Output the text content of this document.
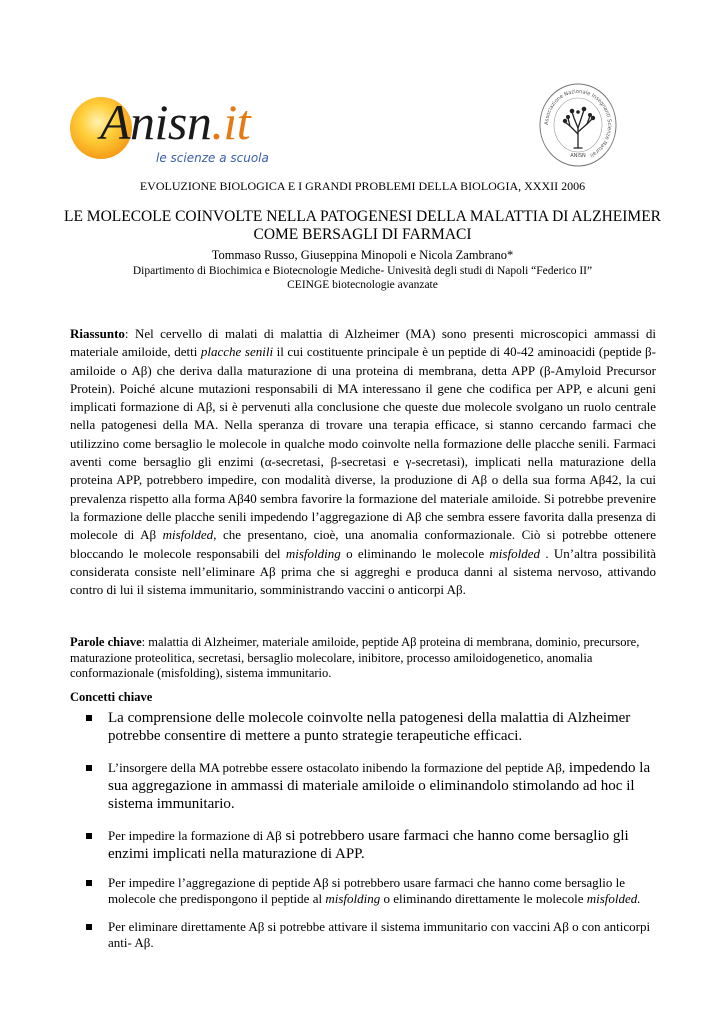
Anisn.it
le scienze a scuola
Associazione Nazionale Insegnanti Scienze Naturali
ANISN
EVOLUZIONE BIOLOGICA E I GRANDI PROBLEMI DELLA BIOLOGIA, XXXII 2006
LE MOLECOLE COINVOLTE NELLA PATOGENESI DELLA MALATTIA DI ALZHEIMER
COME BERSAGLI DI FARMACI
Tommaso Russo, Giuseppina Minopoli e Nicola Zambrano*
Dipartimento di Biochimica e Biotecnologie Mediche- Univesità degli studi di Napoli “Federico II”
CEINGE biotecnologie avanzate

Riassunto: Nel cervello di malati di malattia di Alzheimer (MA) sono presenti microscopici ammassi di materiale amiloide, detti placche senili il cui costituente principale è un peptide di 40-42 aminoacidi (peptide β-amiloide o Aβ) che deriva dalla maturazione di una proteina di membrana, detta APP (β-Amyloid Precursor Protein). Poiché alcune mutazioni responsabili di MA interessano il gene che codifica per APP, e alcuni geni implicati formazione di Aβ, si è pervenuti alla conclusione che queste due molecole svolgano un ruolo centrale nella patogenesi della MA. Nella speranza di trovare una terapia efficace, si stanno cercando farmaci che utilizzino come bersaglio le molecole in qualche modo coinvolte nella formazione delle placche senili. Farmaci aventi come bersaglio gli enzimi (α-secretasi, β-secretasi e γ-secretasi), implicati nella maturazione della proteina APP, potrebbero impedire, con modalità diverse, la produzione di Aβ o della sua forma Aβ42, la cui prevalenza rispetto alla forma Aβ40 sembra favorire la formazione del materiale amiloide. Si potrebbe prevenire la formazione delle placche senili impedendo l’aggregazione di Aβ che sembra essere favorita dalla presenza di molecole di Aβ misfolded, che presentano, cioè, una anomalia conformazionale. Ciò si potrebbe ottenere bloccando le molecole responsabili del misfolding o eliminando le molecole misfolded . Un’altra possibilità considerata consiste nell’eliminare Aβ prima che si aggreghi e produca danni al sistema nervoso, attivando contro di lui il sistema immunitario, somministrando vaccini o anticorpi Aβ.

Parole chiave: malattia di Alzheimer, materiale amiloide, peptide Aβ proteina di membrana, dominio, precursore, maturazione proteolitica, secretasi, bersaglio molecolare, inibitore, processo amiloidogenetico, anomalia conformazionale (misfolding), sistema immunitario.

Concetti chiave

La comprensione delle molecole coinvolte nella patogenesi della malattia di Alzheimer potrebbe consentire di mettere a punto strategie terapeutiche efficaci.
L’insorgere della MA potrebbe essere ostacolato inibendo la formazione del peptide Aβ, impedendo la sua aggregazione in ammassi di materiale amiloide o eliminandolo stimolando ad hoc il sistema immunitario.
Per impedire la formazione di Aβ si potrebbero usare farmaci che hanno come bersaglio gli enzimi implicati nella maturazione di APP.
Per impedire l’aggregazione di peptide Aβ si potrebbero usare farmaci che hanno come bersaglio le molecole che predispongono il peptide al misfolding o eliminando direttamente le molecole misfolded.
Per eliminare direttamente Aβ si potrebbe attivare il sistema immunitario con vaccini Aβ o con anticorpi anti- Aβ.
